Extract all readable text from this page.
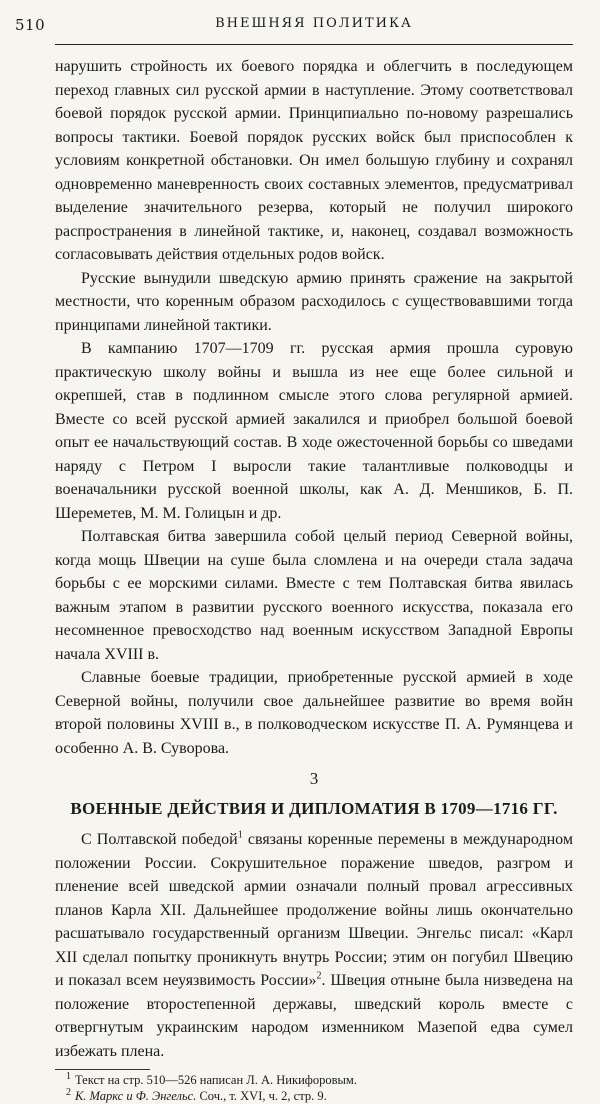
510	ВНЕШНЯЯ ПОЛИТИКА

нарушить стройность их боевого порядка и облегчить в последующем переход главных сил русской армии в наступление. Этому соответствовал боевой порядок русской армии. Принципиально по-новому разрешались вопросы тактики. Боевой порядок русских войск был приспособлен к условиям конкретной обстановки. Он имел большую глубину и сохранял одновременно маневренность своих составных элементов, предусматривал выделение значительного резерва, который не получил широкого распространения в линейной тактике, и, наконец, создавал возможность согласовывать действия отдельных родов войск.

Русские вынудили шведскую армию принять сражение на закрытой местности, что коренным образом расходилось с существовавшими тогда принципами линейной тактики.

В кампанию 1707—1709 гг. русская армия прошла суровую практическую школу войны и вышла из нее еще более сильной и окрепшей, став в подлинном смысле этого слова регулярной армией. Вместе со всей русской армией закалился и приобрел большой боевой опыт ее начальствующий состав. В ходе ожесточенной борьбы со шведами наряду с Петром I выросли такие талантливые полководцы и военачальники русской военной школы, как А. Д. Меншиков, Б. П. Шереметев, М. М. Голицын и др.

Полтавская битва завершила собой целый период Северной войны, когда мощь Швеции на суше была сломлена и на очереди стала задача борьбы с ее морскими силами. Вместе с тем Полтавская битва явилась важным этапом в развитии русского военного искусства, показала его несомненное превосходство над военным искусством Западной Европы начала XVIII в.

Славные боевые традиции, приобретенные русской армией в ходе Северной войны, получили свое дальнейшее развитие во время войн второй половины XVIII в., в полководческом искусстве П. А. Румянцева и особенно А. В. Суворова.

3
ВОЕННЫЕ ДЕЙСТВИЯ И ДИПЛОМАТИЯ В 1709—1716 ГГ.

С Полтавской победой$^1$ связаны коренные перемены в международном положении России. Сокрушительное поражение шведов, разгром и пленение всей шведской армии означали полный провал агрессивных планов Карла XII. Дальнейшее продолжение войны лишь окончательно расшатывало государственный организм Швеции. Энгельс писал: «Карл XII сделал попытку проникнуть внутрь России; этим он погубил Швецию и показал всем неуязвимость России»$^2$. Швеция отныне была низведена на положение второстепенной державы, шведский король вместе с отвергнутым украинским народом изменником Мазепой едва сумел избежать плена.

$^1$ Текст на стр. 510—526 написан Л. А. Никифоровым.
$^2$ К. Маркс и Ф. Энгельс. Соч., т. XVI, ч. 2, стр. 9.
